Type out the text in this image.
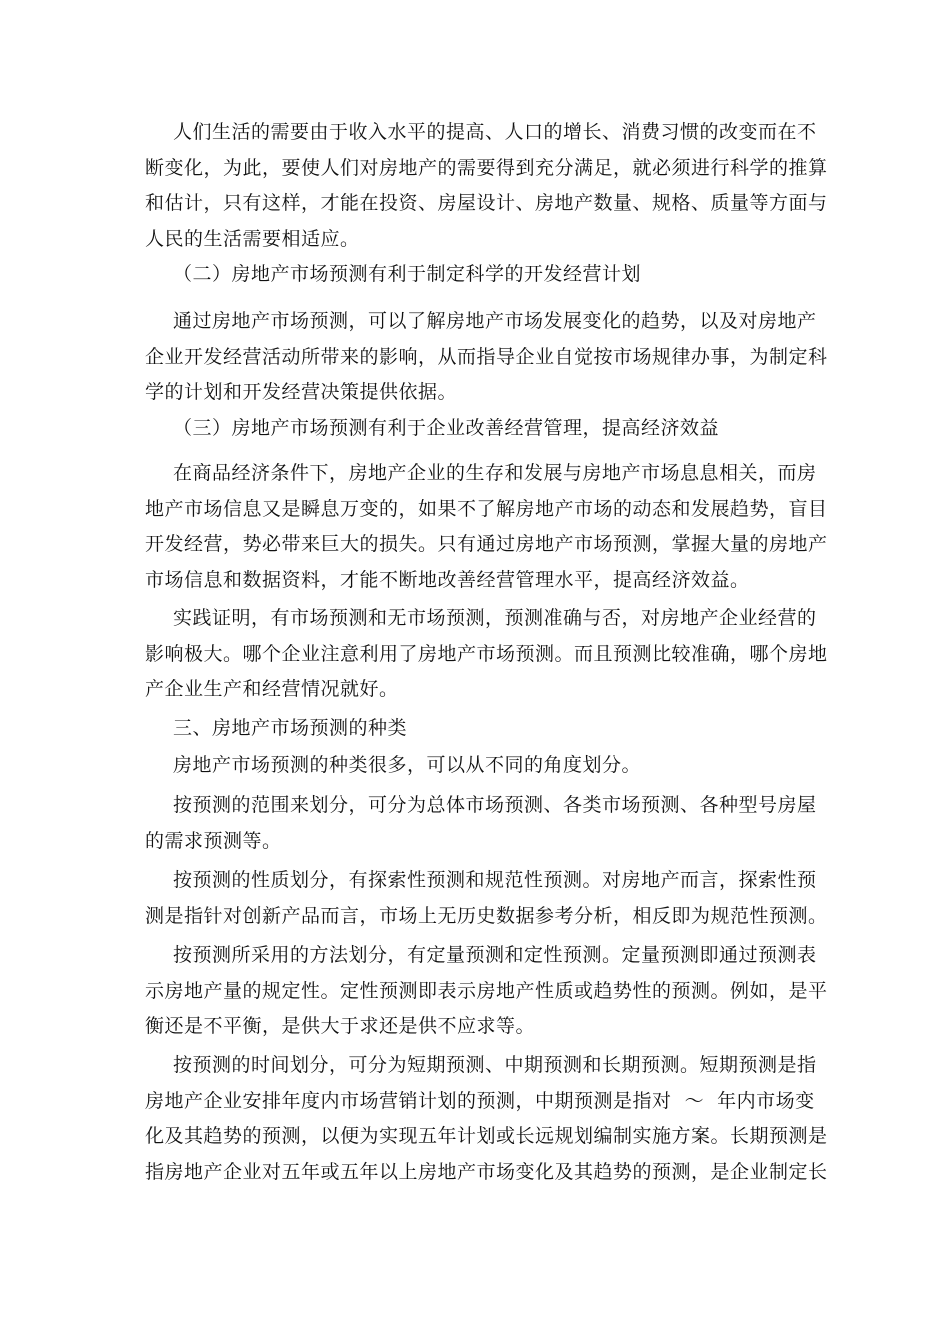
人们生活的需要由于收入水平的提高、人口的增长、消费习惯的改变而在不
断变化，为此，要使人们对房地产的需要得到充分满足，就必须进行科学的推算
和估计，只有这样，才能在投资、房屋设计、房地产数量、规格、质量等方面与
人民的生活需要相适应。
（二）房地产市场预测有利于制定科学的开发经营计划
通过房地产市场预测，可以了解房地产市场发展变化的趋势，以及对房地产
企业开发经营活动所带来的影响，从而指导企业自觉按市场规律办事，为制定科
学的计划和开发经营决策提供依据。
（三）房地产市场预测有利于企业改善经营管理，提高经济效益
在商品经济条件下，房地产企业的生存和发展与房地产市场息息相关，而房
地产市场信息又是瞬息万变的，如果不了解房地产市场的动态和发展趋势，盲目
开发经营，势必带来巨大的损失。只有通过房地产市场预测，掌握大量的房地产
市场信息和数据资料，才能不断地改善经营管理水平，提高经济效益。
实践证明，有市场预测和无市场预测，预测准确与否，对房地产企业经营的
影响极大。哪个企业注意利用了房地产市场预测。而且预测比较准确，哪个房地
产企业生产和经营情况就好。
三、房地产市场预测的种类
房地产市场预测的种类很多，可以从不同的角度划分。
按预测的范围来划分，可分为总体市场预测、各类市场预测、各种型号房屋
的需求预测等。
按预测的性质划分，有探索性预测和规范性预测。对房地产而言，探索性预
测是指针对创新产品而言，市场上无历史数据参考分析，相反即为规范性预测。
按预测所采用的方法划分，有定量预测和定性预测。定量预测即通过预测表
示房地产量的规定性。定性预测即表示房地产性质或趋势性的预测。例如，是平
衡还是不平衡，是供大于求还是供不应求等。
按预测的时间划分，可分为短期预测、中期预测和长期预测。短期预测是指
房地产企业安排年度内市场营销计划的预测，中期预测是指对  ～  年内市场变
化及其趋势的预测，以便为实现五年计划或长远规划编制实施方案。长期预测是
指房地产企业对五年或五年以上房地产市场变化及其趋势的预测，是企业制定长
